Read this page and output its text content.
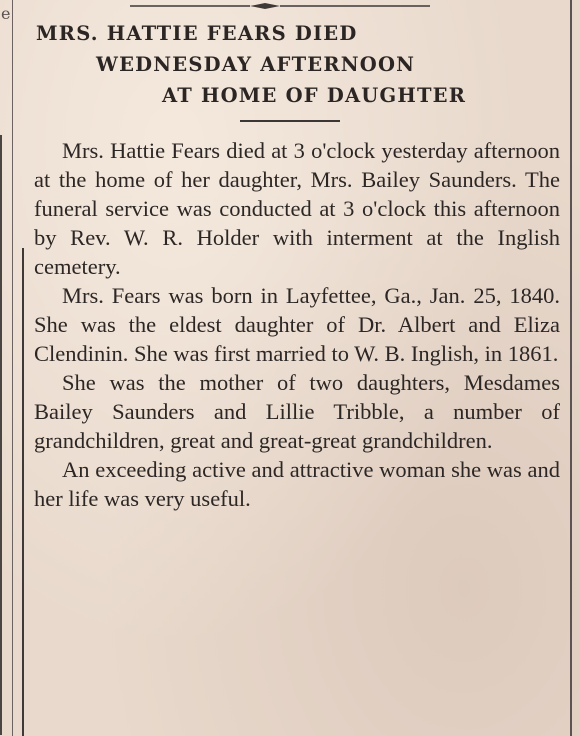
e
MRS. HATTIE FEARS DIED
WEDNESDAY AFTERNOON
AT HOME OF DAUGHTER

Mrs. Hattie Fears died at 3 o'clock yesterday afternoon at the home of her daughter, Mrs. Bailey Saunders. The funeral service was conducted at 3 o'clock this afternoon by Rev. W. R. Holder with interment at the Inglish cemetery.

Mrs. Fears was born in Layfettee, Ga., Jan. 25, 1840. She was the eldest daughter of Dr. Albert and Eliza Clendinin. She was first married to W. B. Inglish, in 1861.

She was the mother of two daughters, Mesdames Bailey Saunders and Lillie Tribble, a number of grandchildren, great and great-great grandchildren.

An exceeding active and attractive woman she was and her life was very useful.
